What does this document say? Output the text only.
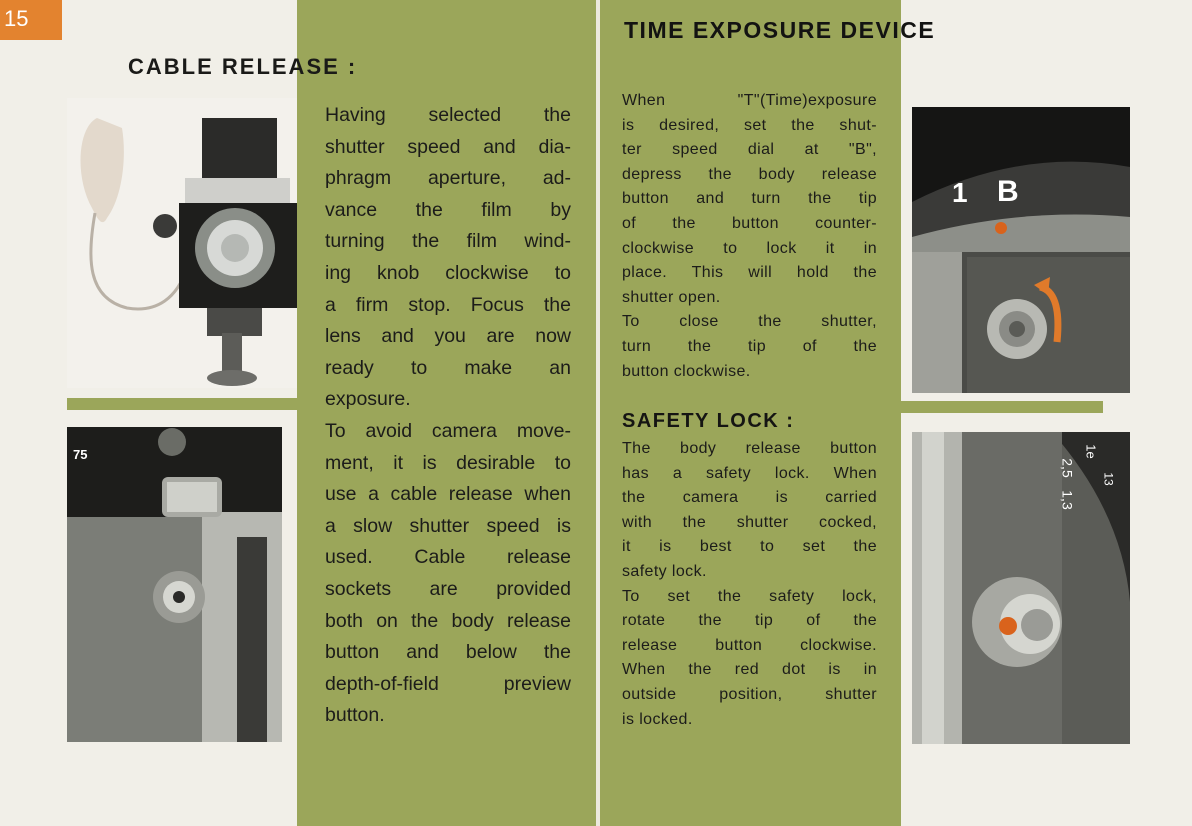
15
CABLE RELEASE :
75
Having selected the
shutter speed and dia-
phragm aperture, ad-
vance the film by
turning the film wind-
ing knob clockwise to
a firm stop. Focus the
lens and you are now
ready to make an
exposure.
To avoid camera move-
ment, it is desirable to
use a cable release when
a slow shutter speed is
used. Cable release
sockets are provided
both on the body release
button and below the
depth-of-field preview
button.
TIME EXPOSURE DEVICE
When "T"(Time)exposure
is desired, set the shut-
ter speed dial at "B",
depress the body release
button and turn the tip
of the button counter-
clockwise to lock it in
place. This will hold the
shutter open.
To close the shutter,
turn the tip of the
button clockwise.
SAFETY LOCK :
The body release button
has a safety lock. When
the camera is carried
with the shutter cocked,
it is best to set the
safety lock.
To set the safety lock,
rotate the tip of the
release button clockwise.
When the red dot is in
outside position, shutter
is locked.
1 B
2,5
1,3
1e
13
